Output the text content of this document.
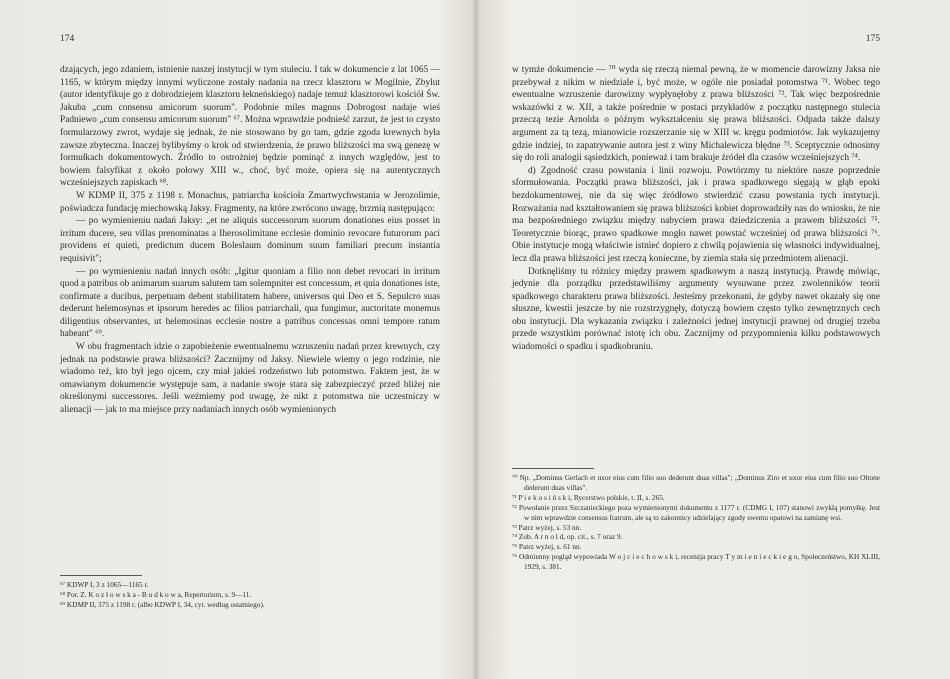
174

dzających, jego zdaniem, istnienie naszej instytucji w tym stuleciu. I tak w dokumencie z lat 1065 — 1165, w którym między innymi wyliczone zostały nadania na rzecz klasztoru w Mogilnie, Zbylut (autor identyfikuje go z dobrodziejem klasztoru łekneńskiego) nadaje temuż klasztorowi kościół Św. Jakuba „cum consensu amicorum suorum". Podobnie miles magnus Dobrogost nadaje wieś Padniewo „cum consensu amicorum suorum" ⁶⁷. Można wprawdzie podnieść zarzut, że jest to czysto formularzowy zwrot, wydaje się jednak, że nie stosowano by go tam, gdzie zgoda krewnych była zawsze zbyteczna. Inaczej bylibyśmy o krok od stwierdzenia, że prawo bliższości ma swą genezę w formułkach dokumentowych. Źródło to ostrożniej będzie pominąć z innych względów, jest to bowiem falsyfikat z około połowy XIII w., choć, być może, opiera się na autentycznych wcześniejszych zapiskach ⁶⁸.

W KDMP II, 375 z 1198 r. Monachus, patriarcha kościoła Zmartwychwstania w Jerozolimie, poświadcza fundację miechowską Jaksy. Fragmenty, na które zwrócono uwagę, brzmią następująco:

— po wymienieniu nadań Jaksy: „et ne aliquis successorum suorum donationes eius posset in irritum ducere, seu villas prenominatas a Iherosolimitane ecclesie dominio revocare futurorum paci providens et quieti, predictum ducem Boleslaum dominum suum familiari precum instantia requisivit";

— po wymienieniu nadań innych osób: „Igitur quoniam a filio non debet revocari in irritum quod a patribus ob animarum suarum salutem tam solempniter est concessum, et quia donationes iste, confirmate a ducibus, perpetuam debent stabilitatem habere, universos qui Deo et S. Sepulcro suas dederunt helemosynas et ipsorum heredes ac filios patriarchali, qua fungimur, auctoritate monemus diligentius observantes, ut helemosinas ecclesie nostre a patribus concessas omni tempore ratum habeant" ⁶⁹.

W obu fragmentach idzie o zapobieżenie ewentualnemu wzruszeniu nadań przez krewnych, czy jednak na podstawie prawa bliższości? Zacznijmy od Jaksy. Niewiele wiemy o jego rodzinie, nie wiadomo też, kto był jego ojcem, czy miał jakieś rodzeństwo lub potomstwo. Faktem jest, że w omawianym dokumencie występuje sam, a nadanie swoje stara się zabezpieczyć przed bliżej nie określonymi successores. Jeśli weźmiemy pod uwagę, że nikt z potomstwa nie uczestniczy w alienacji — jak to ma miejsce przy nadaniach innych osób wymienionych

⁶⁷ KDWP I, 3 z 1065—1165 r.

⁶⁸ Por. Z. K o z ł o w s k a - B u d k o w a, Repertorium, s. 9—11.

⁶⁹ KDMP II, 375 z 1198 r. (albo KDWP I, 34, cyt. według ostatniego).

175

w tymże dokumencie — ⁷⁰ wyda się rzeczą niemal pewną, że w momencie darowizny Jaksa nie przebywał z nikim w niedziale i, być może, w ogóle nie posiadał potomstwa ⁷¹. Wobec tego ewentualne wzruszenie darowizny wypłynęłoby z prawa bliższości ⁷². Tak więc bezpośrednie wskazówki z w. XII, a także pośrednie w postaci przykładów z początku następnego stulecia przeczą tezie Arnolda o późnym wykształceniu się prawa bliższości. Odpada także dalszy argument za tą tezą, mianowicie rozszerzanie się w XIII w. kręgu podmiotów. Jak wykazujemy gdzie indziej, to zapatrywanie autora jest z winy Michalewicza błędne ⁷³. Sceptycznie odnosimy się do roli analogii sąsiedzkich, ponieważ i tam brakuje źródeł dla czasów wcześniejszych ⁷⁴.

d) Zgodność czasu powstania i linii rozwoju. Powtórzmy tu niektóre nasze poprzednie sformułowania. Początki prawa bliższości, jak i prawa spadkowego sięgają w głąb epoki bezdokumentowej, nie da się więc źródłowo stwierdzić czasu powstania tych instytucji. Rozważania nad kształtowaniem się prawa bliższości kobiet doprowadziły nas do wniosku, że nie ma bezpośredniego związku między nabyciem prawa dziedziczenia a prawem bliższości ⁷⁵. Teoretycznie biorąc, prawo spadkowe mogło nawet powstać wcześniej od prawa bliższości ⁷⁶. Obie instytucje mogą właściwie istnieć dopiero z chwilą pojawienia się własności indywidualnej, lecz dla prawa bliższości jest rzeczą konieczne, by ziemia stała się przedmiotem alienacji.

Dotknęliśmy tu różnicy między prawem spadkowym a naszą instytucją. Prawdę mówiąc, jedynie dla porządku przedstawiliśmy argumenty wysuwane przez zwolenników teorii spadkowego charakteru prawa bliższości. Jesteśmy przekonani, że gdyby nawet okazały się one słuszne, kwestii jeszcze by nie rozstrzygnęły, dotyczą bowiem często tylko zewnętrznych cech obu instytucji. Dla wykazania związku i zależności jednej instytucji prawnej od drugiej trzeba przede wszystkim porównać istotę ich obu. Zacznijmy od przypomnienia kilku podstawowych wiadomości o spadku i spadkobraniu.

⁷⁰ Np. „Dominus Gerlach et uxor eius cum filio suo dederunt duas villas"; „Dominus Ziro et uxor eius cum filio suo Oltone dederunt duas villas".

⁷¹ P i e k o s i ń s k i, Rycerstwo polskie, t. II, s. 265.

⁷² Powołanie przez Szczanieckiego poza wymienionymi dokumentu z 1177 r. (CDMG I, 107) stanowi zwykłą pomyłkę. Jest w nim wprawdzie consensus fratrum, ale są to zakonnicy udzielający zgody swemu opatowi na zamianę wsi.

⁷³ Patrz wyżej, s. 53 nn.

⁷⁴ Zob. A r n o l d, op. cit., s. 7 oraz 9.

⁷⁵ Patrz wyżej, s. 61 nn.

⁷⁶ Odmienny pogląd wypowiada W o j c i e c h o w s k i, recenzja pracy T y m i e n i e c k i e g o, Społeczeństwo, KH XLIII, 1929, s. 381.
